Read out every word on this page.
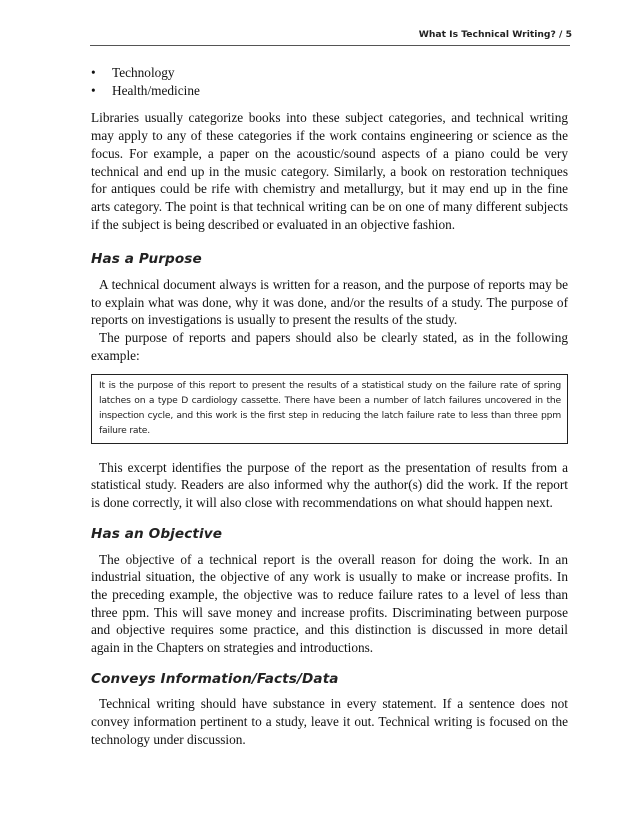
What Is Technical Writing? / 5
• Technology
• Health/medicine

Libraries usually categorize books into these subject categories, and technical writing may apply to any of these categories if the work contains engineering or science as the focus. For example, a paper on the acoustic/sound aspects of a piano could be very technical and end up in the music category. Similarly, a book on restoration techniques for antiques could be rife with chemistry and metallurgy, but it may end up in the fine arts category. The point is that technical writing can be on one of many different subjects if the subject is being described or evaluated in an objective fashion.

Has a Purpose

A technical document always is written for a reason, and the purpose of reports may be to explain what was done, why it was done, and/or the results of a study. The purpose of reports on investigations is usually to present the results of the study.

The purpose of reports and papers should also be clearly stated, as in the following example:

It is the purpose of this report to present the results of a statistical study on the failure rate of spring latches on a type D cardiology cassette. There have been a number of latch failures uncovered in the inspection cycle, and this work is the first step in reducing the latch failure rate to less than three ppm failure rate.

This excerpt identifies the purpose of the report as the presentation of results from a statistical study. Readers are also informed why the author(s) did the work. If the report is done correctly, it will also close with recommendations on what should happen next.

Has an Objective

The objective of a technical report is the overall reason for doing the work. In an industrial situation, the objective of any work is usually to make or increase profits. In the preceding example, the objective was to reduce failure rates to a level of less than three ppm. This will save money and increase profits. Discriminating between purpose and objective requires some practice, and this distinction is discussed in more detail again in the Chapters on strategies and introductions.

Conveys Information/Facts/Data

Technical writing should have substance in every statement. If a sentence does not convey information pertinent to a study, leave it out. Technical writing is focused on the technology under discussion.
